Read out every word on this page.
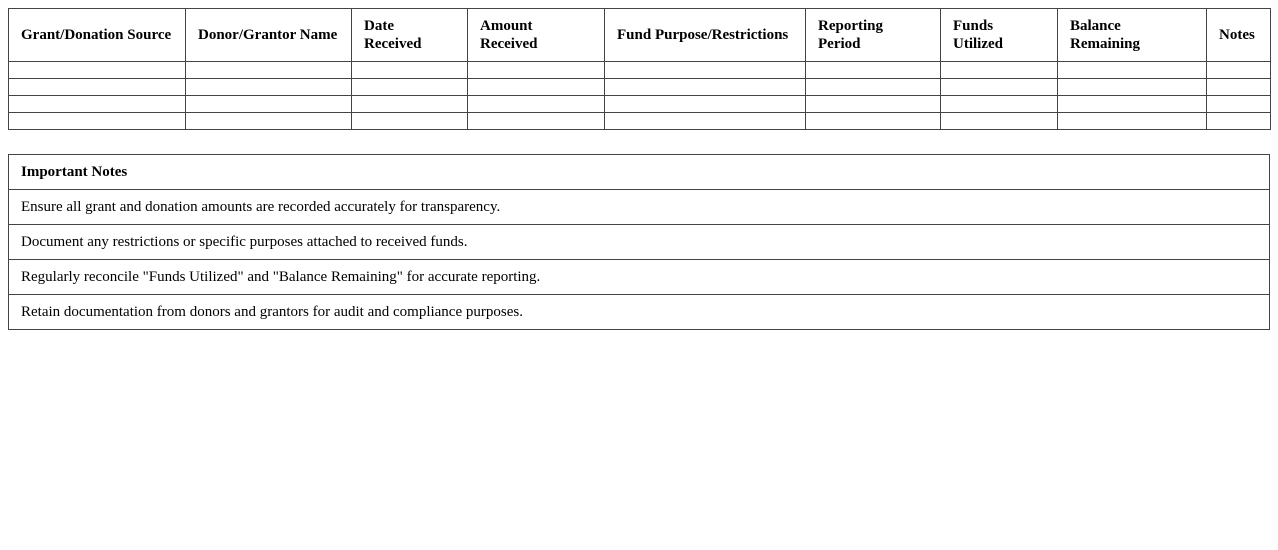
Grant/Donation Source	Donor/Grantor Name	Date Received	Amount Received	Fund Purpose/Restrictions	Reporting Period	Funds Utilized	Balance Remaining	Notes

Important Notes
Ensure all grant and donation amounts are recorded accurately for transparency.
Document any restrictions or specific purposes attached to received funds.
Regularly reconcile "Funds Utilized" and "Balance Remaining" for accurate reporting.
Retain documentation from donors and grantors for audit and compliance purposes.
